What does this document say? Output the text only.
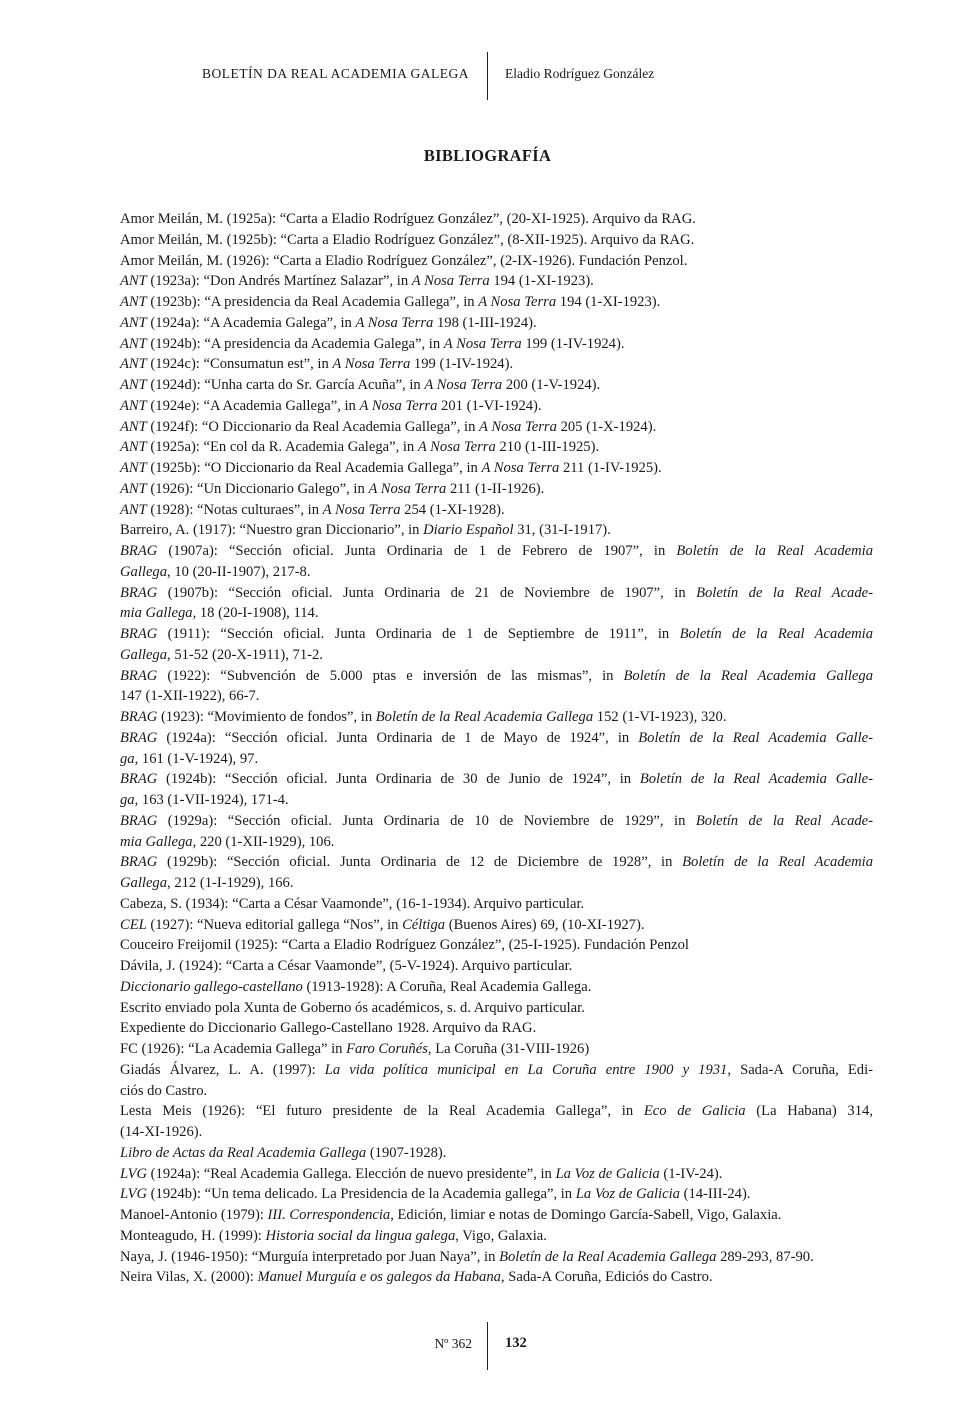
BOLETÍN DA REAL ACADEMIA GALEGA	Eladio Rodríguez González
BIBLIOGRAFÍA
Amor Meilán, M. (1925a): “Carta a Eladio Rodríguez González”, (20-XI-1925). Arquivo da RAG.
Amor Meilán, M. (1925b): “Carta a Eladio Rodríguez González”, (8-XII-1925). Arquivo da RAG.
Amor Meilán, M. (1926): “Carta a Eladio Rodríguez González”, (2-IX-1926). Fundación Penzol.
ANT (1923a): “Don Andrés Martínez Salazar”, in A Nosa Terra 194 (1-XI-1923).
ANT (1923b): “A presidencia da Real Academia Gallega”, in A Nosa Terra 194 (1-XI-1923).
ANT (1924a): “A Academia Galega”, in A Nosa Terra 198 (1-III-1924).
ANT (1924b): “A presidencia da Academia Galega”, in A Nosa Terra 199 (1-IV-1924).
ANT (1924c): “Consumatun est”, in A Nosa Terra 199 (1-IV-1924).
ANT (1924d): “Unha carta do Sr. García Acuña”, in A Nosa Terra 200 (1-V-1924).
ANT (1924e): “A Academia Gallega”, in A Nosa Terra 201 (1-VI-1924).
ANT (1924f): “O Diccionario da Real Academia Gallega”, in A Nosa Terra 205 (1-X-1924).
ANT (1925a): “En col da R. Academia Galega”, in A Nosa Terra 210 (1-III-1925).
ANT (1925b): “O Diccionario da Real Academia Gallega”, in A Nosa Terra 211 (1-IV-1925).
ANT (1926): “Un Diccionario Galego”, in A Nosa Terra 211 (1-II-1926).
ANT (1928): “Notas culturaes”, in A Nosa Terra 254 (1-XI-1928).
Barreiro, A. (1917): “Nuestro gran Diccionario”, in Diario Español 31, (31-I-1917).
BRAG (1907a): “Sección oficial. Junta Ordinaria de 1 de Febrero de 1907”, in Boletín de la Real Academia
Gallega, 10 (20-II-1907), 217-8.
BRAG (1907b): “Sección oficial. Junta Ordinaria de 21 de Noviembre de 1907”, in Boletín de la Real Acade-
mia Gallega, 18 (20-I-1908), 114.
BRAG (1911): “Sección oficial. Junta Ordinaria de 1 de Septiembre de 1911”, in Boletín de la Real Academia
Gallega, 51-52 (20-X-1911), 71-2.
BRAG (1922): “Subvención de 5.000 ptas e inversión de las mismas”, in Boletín de la Real Academia Gallega
147 (1-XII-1922), 66-7.
BRAG (1923): “Movimiento de fondos”, in Boletín de la Real Academia Gallega 152 (1-VI-1923), 320.
BRAG (1924a): “Sección oficial. Junta Ordinaria de 1 de Mayo de 1924”, in Boletín de la Real Academia Galle-
ga, 161 (1-V-1924), 97.
BRAG (1924b): “Sección oficial. Junta Ordinaria de 30 de Junio de 1924”, in Boletín de la Real Academia Galle-
ga, 163 (1-VII-1924), 171-4.
BRAG (1929a): “Sección oficial. Junta Ordinaria de 10 de Noviembre de 1929”, in Boletín de la Real Acade-
mia Gallega, 220 (1-XII-1929), 106.
BRAG (1929b): “Sección oficial. Junta Ordinaria de 12 de Diciembre de 1928”, in Boletín de la Real Academia
Gallega, 212 (1-I-1929), 166.
Cabeza, S. (1934): “Carta a César Vaamonde”, (16-1-1934). Arquivo particular.
CEL (1927): “Nueva editorial gallega “Nos”, in Céltiga (Buenos Aires) 69, (10-XI-1927).
Couceiro Freijomil (1925): “Carta a Eladio Rodríguez González”, (25-I-1925). Fundación Penzol
Dávila, J. (1924): “Carta a César Vaamonde”, (5-V-1924). Arquivo particular.
Diccionario gallego-castellano (1913-1928): A Coruña, Real Academia Gallega.
Escrito enviado pola Xunta de Goberno ós académicos, s. d. Arquivo particular.
Expediente do Diccionario Gallego-Castellano 1928. Arquivo da RAG.
FC (1926): “La Academia Gallega” in Faro Coruñés, La Coruña (31-VIII-1926)
Giadás Álvarez, L. A. (1997): La vida política municipal en La Coruña entre 1900 y 1931, Sada-A Coruña, Edi-
ciós do Castro.
Lesta Meis (1926): “El futuro presidente de la Real Academia Gallega”, in Eco de Galicia (La Habana) 314,
(14-XI-1926).
Libro de Actas da Real Academia Gallega (1907-1928).
LVG (1924a): “Real Academia Gallega. Elección de nuevo presidente”, in La Voz de Galicia (1-IV-24).
LVG (1924b): “Un tema delicado. La Presidencia de la Academia gallega”, in La Voz de Galicia (14-III-24).
Manoel-Antonio (1979): III. Correspondencia, Edición, limiar e notas de Domingo García-Sabell, Vigo, Galaxia.
Monteagudo, H. (1999): Historia social da lingua galega, Vigo, Galaxia.
Naya, J. (1946-1950): “Murguía interpretado por Juan Naya”, in Boletín de la Real Academia Gallega 289-293, 87-90.
Neira Vilas, X. (2000): Manuel Murguía e os galegos da Habana, Sada-A Coruña, Ediciós do Castro.
Nº 362 132
